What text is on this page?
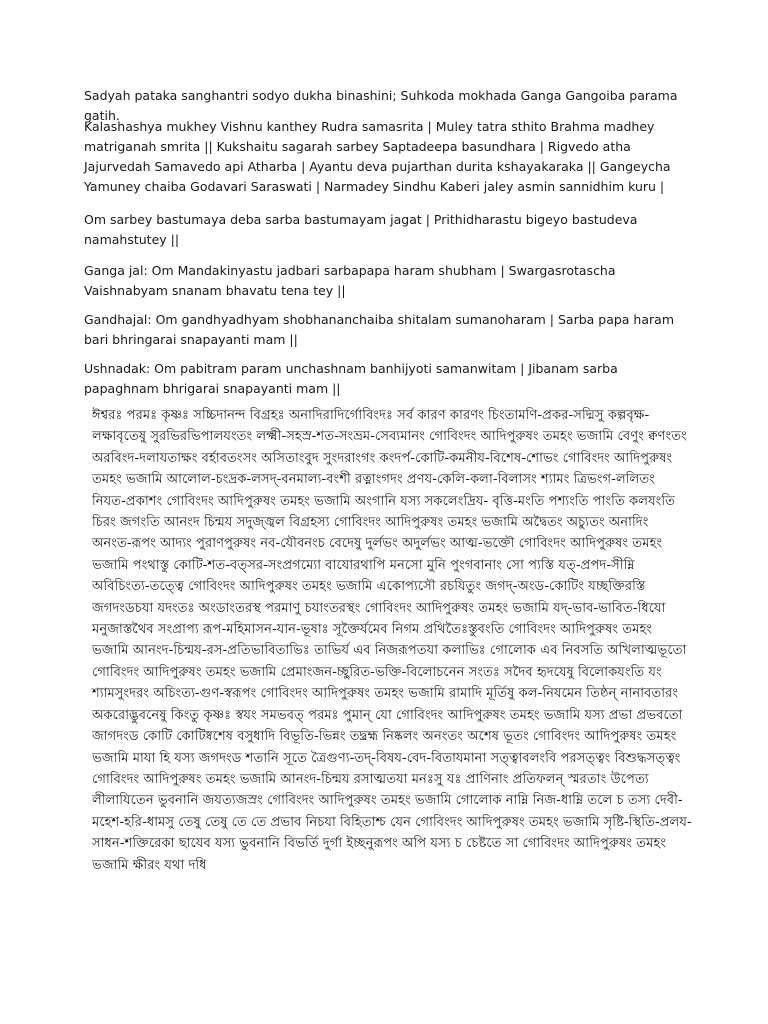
Sadyah pataka sanghantri sodyo dukha binashini; Suhkoda mokhada Ganga Gangoiba parama gatih.

Kalashashya mukhey Vishnu kanthey Rudra samasrita | Muley tatra sthito Brahma madhey matriganah smrita || Kukshaitu sagarah sarbey Saptadeepa basundhara | Rigvedo atha Jajurvedah Samavedo api Atharba | Ayantu deva pujarthan durita kshayakaraka || Gangeycha Yamuney chaiba Godavari Saraswati | Narmadey Sindhu Kaberi jaley asmin sannidhim kuru |

Om sarbey bastumaya deba sarba bastumayam jagat | Prithidharastu bigeyo bastudeva namahstutey ||

Ganga jal: Om Mandakinyastu jadbari sarbapapa haram shubham | Swargasrotascha Vaishnabyam snanam bhavatu tena tey ||

Gandhajal: Om gandhyadhyam shobhananchaiba shitalam sumanoharam | Sarba papa haram bari bhringarai snapayanti mam ||

Ushnadak: Om pabitram param unchashnam banhijyoti samanwitam | Jibanam sarba papaghnam bhrigarai snapayanti mam ||

ঈশ্বরঃ পরমঃ কৃষ্ণঃ সচ্চিদানন্দ বিগ্রহঃ অনাদিরাদির্গোবিংদঃ সর্ব কারণ কারণং চিংতামণি-প্রকর-সদ্মিসু কল্পবৃক্ষ- লক্ষাবৃতেষু সুরভিরভিপালযংতং লক্ষ্মী-সহস্র-শত-সংভ্রম-সেব্যমানং গোবিংদং আদিপুরুষং তমহং ভজামি বেণুং ক্বণংতং অরবিংদ-দলাযতাক্ষং বর্হাবতংসং অসিতাংবুদ সুংদরাংগং কংদর্প-কোটি-কমনীয-বিশেষ-শোভং গোবিংদং আদিপুরুষং তমহং ভজামি আলোল-চংদ্রক-লসদ্-বনমাল্য-বংশী রত্নাংগদং প্রণয-কেলি-কলা-বিলাসং শ্যামং ত্রিভংগ-ললিতং নিযত-প্রকাশং গোবিংদং আদিপুরুষং তমহং ভজামি অংগানি যস্য সকলেংদ্রিয- বৃত্তি-মংতি পশ্যংতি পাংতি কলযংতি চিরং জগংতি আনংদ চিন্ময সদুজ্জ্বল বিগ্রহস্য গোবিংদং আদিপুরুষং তমহং ভজামি অদ্বৈতং অচ্যুতং অনাদিং অনংত-রূপং আদ্যং পুরাণপুরুষং নব-যৌবনংচ বেদেষু দুর্লভং অদুর্লভং আত্ম-ভক্তৌ গোবিংদং আদিপুরুষং তমহং ভজামি পংথাস্তু কোটি-শত-বত্সর-সংপ্রগম্যো বাযোরথাপি মনসো মুনি পুংগবানাং সো প্যস্তি যত্-প্রপদ-সীম্নি অবিচিংত্য-তত্ত্বে গোবিংদং আদিপুরুষং তমহং ভজামি একোপ্যসৌ রচযিতুং জগদ্-অংড-কোটিং যচ্ছক্তিরস্তি জগদংডচযা যদংতঃ অংডাংতরস্থ পরমাণু চযাংতরস্থং গোবিংদং আদিপুরুষং তমহং ভজামি যদ্-ভাব-ভাবিত-ধিযো মনুজাস্তথৈব সংপ্রাপ্য রূপ-মহিমাসন-যান-ভূষাঃ সূক্তৈর্যমেব নিগম প্রথিতৈঃস্তুবংতি গোবিংদং আদিপুরুষং তমহং ভজামি আনংদ-চিন্ময-রস-প্রতিভাবিতাভিঃ তাভির্য এব নিজরূপতযা কলাভিঃ গোলোক এব নিবসতি অখিলাত্মভূতো গোবিংদং আদিপুরুষং তমহং ভজামি প্রেমাংজন-চ্ছুরিত-ভক্তি-বিলোচনেন সংতঃ সদৈব হৃদযেষু বিলোকযংতি যং শ্যামসুংদরং অচিংত্য-গুণ-স্বরূপং গোবিংদং আদিপুরুষং তমহং ভজামি রামাদি মূর্তিষু কল-নিযমেন তিষ্ঠন্ নানাবতারং অকরোদ্ভুবনেষু কিংতু কৃষ্ণঃ স্বযং সমভবত্ পরমঃ পুমান্ যো গোবিংদং আদিপুরুষং তমহং ভজামি যস্য প্রভা প্রভবতো জাগদংড কোটি কোটিষ্বশেষ বসুধাদি বিভূতি-ভিন্নং তদ্ব্রহ্ম নিষ্কলং অনংতং অশেষ ভূতং গোবিংদং আদিপুরুষং তমহং ভজামি মাযা হি যস্য জগদংড শতানি সূতে ত্রৈগুণ্য-তদ্-বিষয-বেদ-বিতাযমানা সত্ত্বাবলংবি পরসত্ত্বং বিশুদ্ধসত্ত্বং গোবিংদং আদিপুরুষং তমহং ভজামি আনংদ-চিন্ময রসাত্মতযা মনঃসু যঃ প্রাণিনাং প্রতিফলন্ স্মরতাং উপেত্য লীলাযিতেন ভুবনানি জযত্যজস্রং গোবিংদং আদিপুরুষং তমহং ভজামি গোলোক নাম্নি নিজ-ধাম্নি তলে চ তস্য দেবী-মহেশ-হরি-ধামসু তেষু তেষু তে তে প্রভাব নিচযা বিহিতাশ্চ যেন গোবিংদং আদিপুরুষং তমহং ভজামি সৃষ্টি-স্থিতি-প্রলয-সাধন-শক্তিরেকা ছাযেব যস্য ভুবনানি বিভর্তি দুর্গা ইচ্ছনুরূপং অপি যস্য চ চেষ্টতে সা গোবিংদং আদিপুরুষং তমহং ভজামি ক্ষীরং যথা দধি
